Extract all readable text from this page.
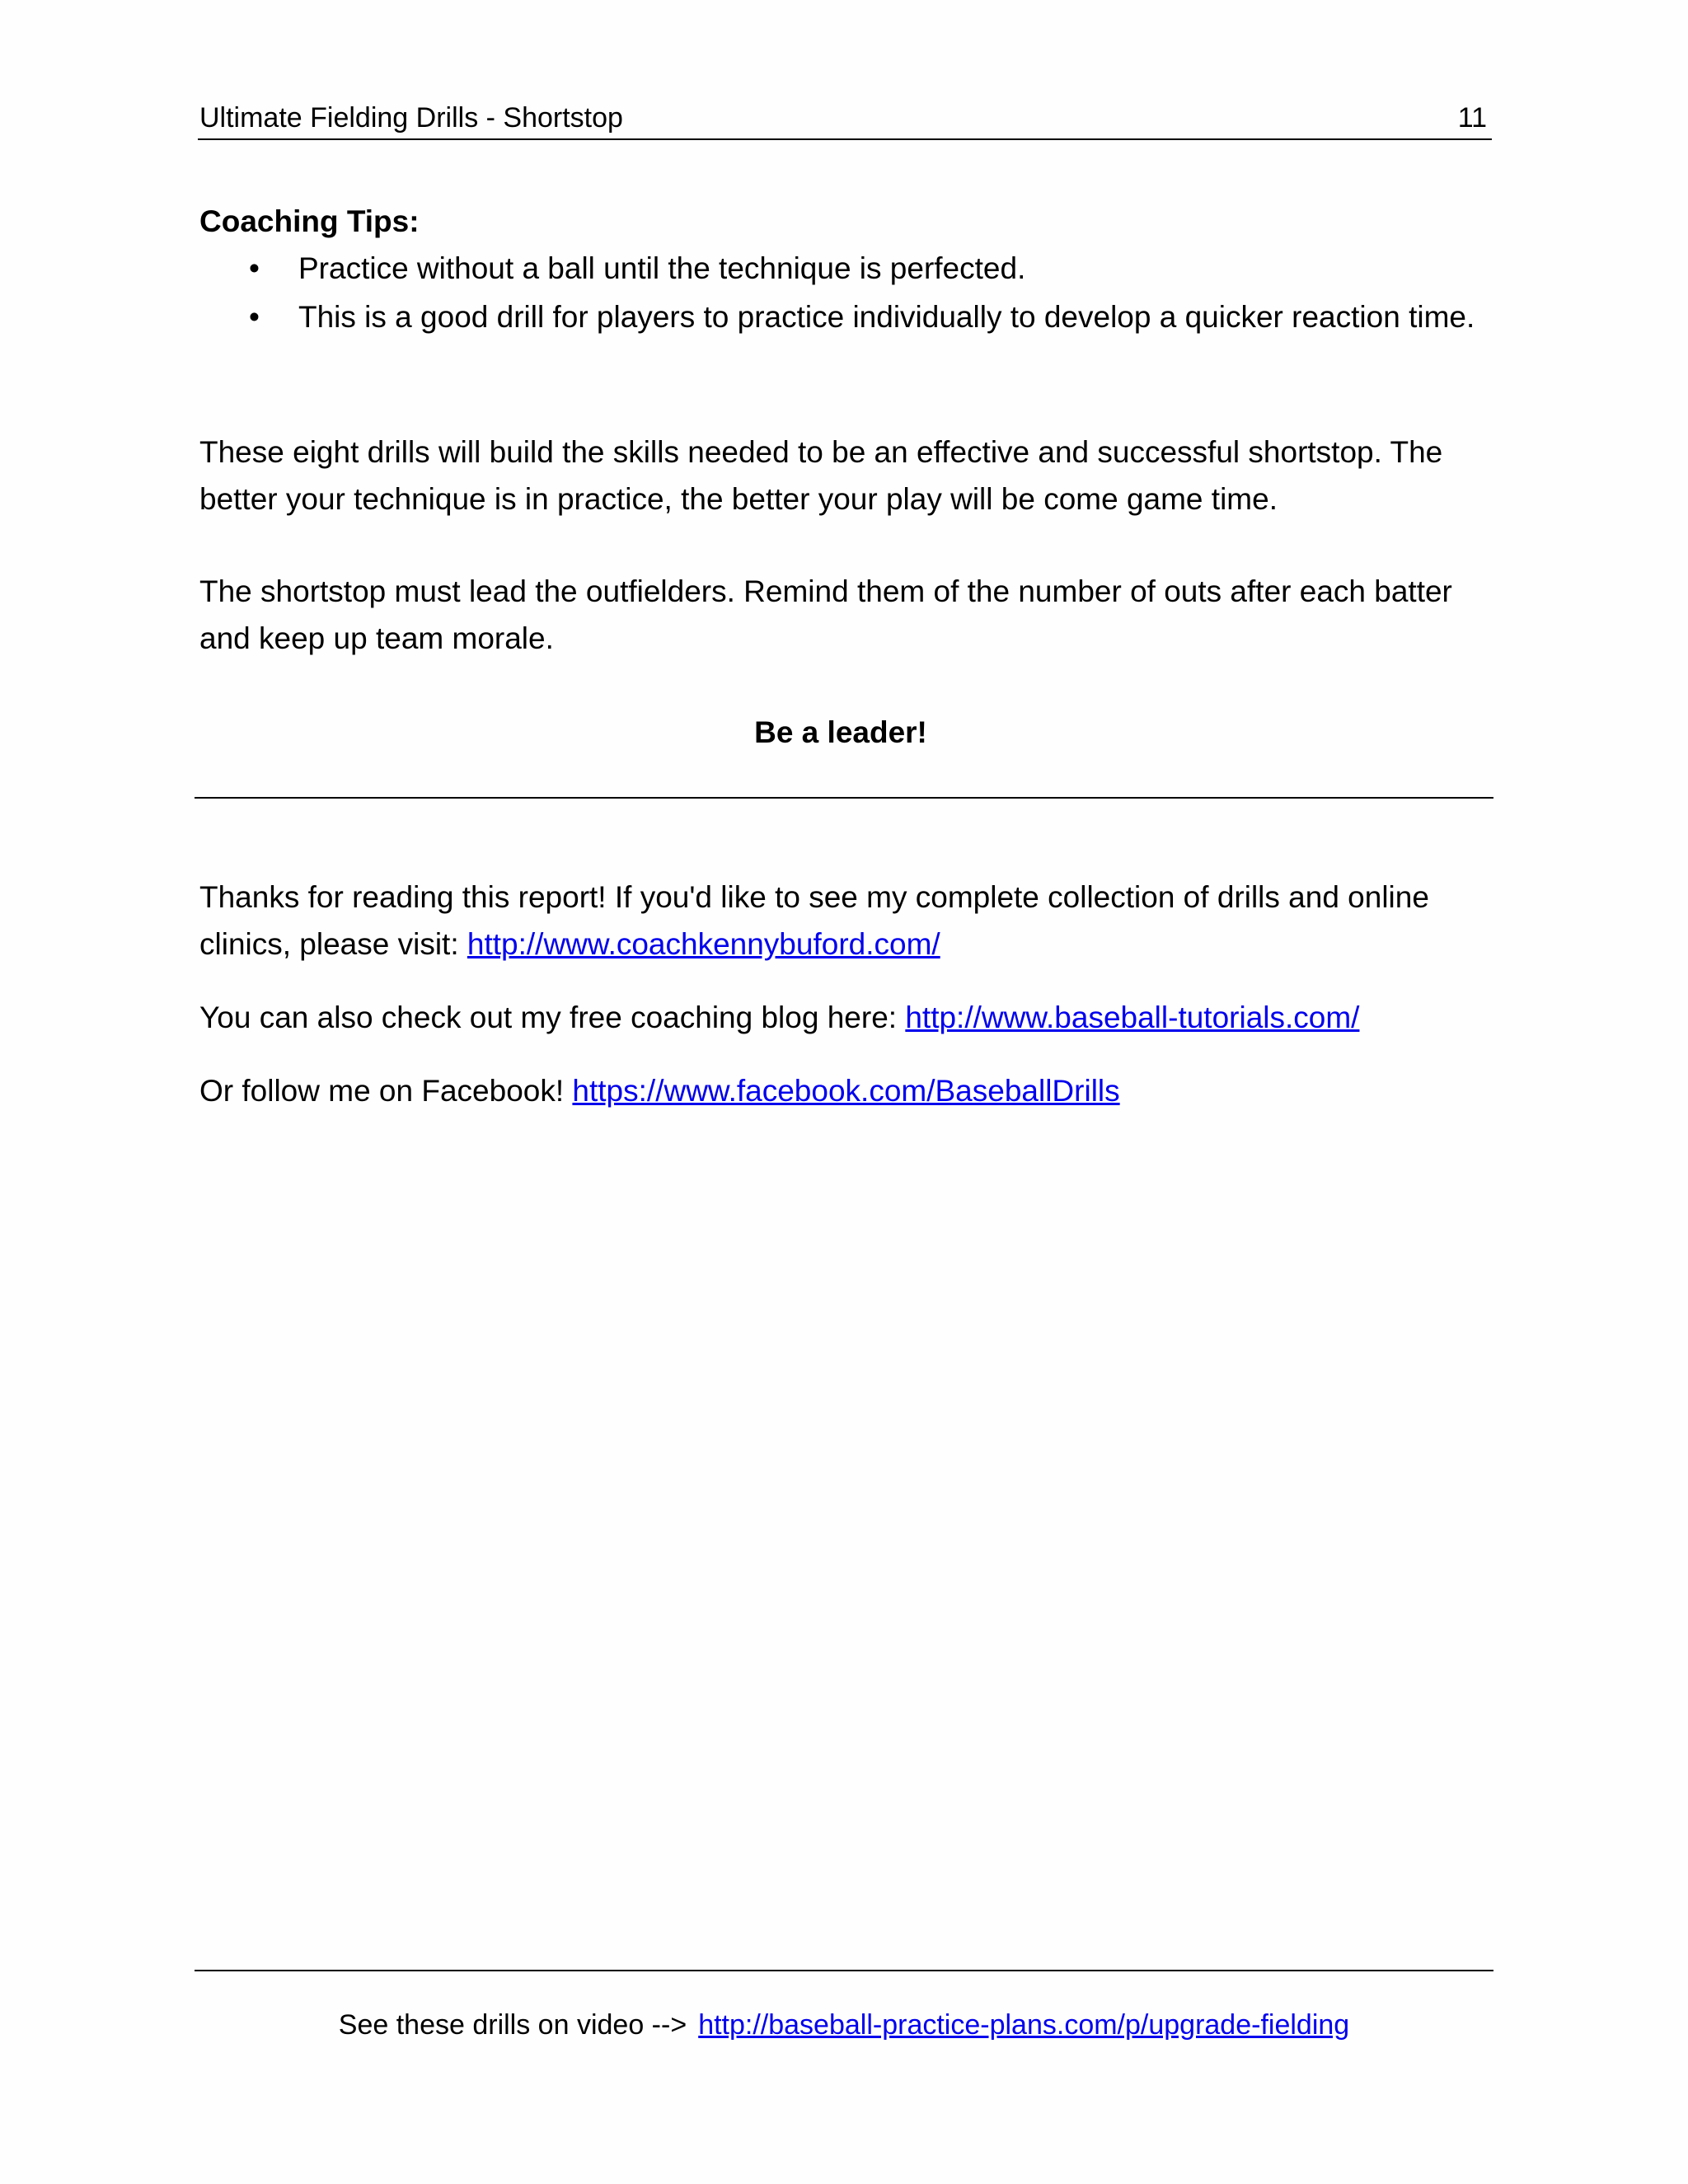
Ultimate Fielding Drills - Shortstop	11

Coaching Tips:

• Practice without a ball until the technique is perfected.
• This is a good drill for players to practice individually to develop a quicker reaction time.

These eight drills will build the skills needed to be an effective and successful shortstop. The better your technique is in practice, the better your play will be come game time.

The shortstop must lead the outfielders. Remind them of the number of outs after each batter and keep up team morale.

Be a leader!

Thanks for reading this report! If you'd like to see my complete collection of drills and online clinics, please visit: http://www.coachkennybuford.com/

You can also check out my free coaching blog here: http://www.baseball-tutorials.com/

Or follow me on Facebook! https://www.facebook.com/BaseballDrills

See these drills on video --> http://baseball-practice-plans.com/p/upgrade-fielding
